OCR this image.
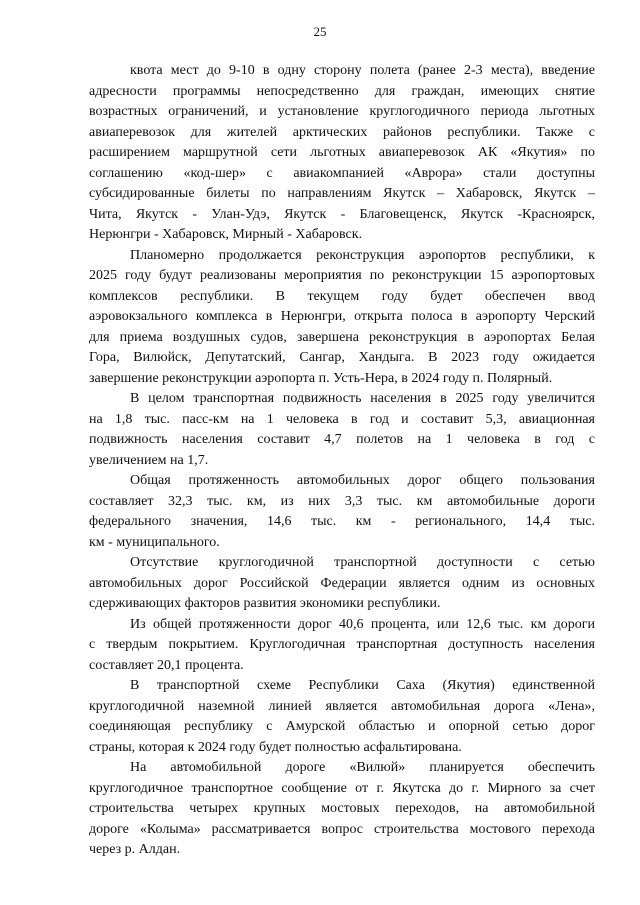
25
квота мест до 9-10 в одну сторону полета (ранее 2-3 места), введение
адресности программы непосредственно для граждан, имеющих снятие
возрастных ограничений, и установление круглогодичного периода льготных
авиаперевозок для жителей арктических районов республики. Также с
расширением маршрутной сети льготных авиаперевозок АК «Якутия» по
соглашению «код-шер» с авиакомпанией «Аврора» стали доступны
субсидированные билеты по направлениям Якутск – Хабаровск, Якутск –
Чита, Якутск - Улан-Удэ, Якутск - Благовещенск, Якутск -Красноярск,
Нерюнгри - Хабаровск, Мирный - Хабаровск.
Планомерно продолжается реконструкция аэропортов республики, к
2025 году будут реализованы мероприятия по реконструкции 15 аэропортовых
комплексов республики. В текущем году будет обеспечен ввод
аэровокзального комплекса в Нерюнгри, открыта полоса в аэропорту Черский
для приема воздушных судов, завершена реконструкция в аэропортах Белая
Гора, Вилюйск, Депутатский, Сангар, Хандыга. В 2023 году ожидается
завершение реконструкции аэропорта п. Усть-Нера, в 2024 году п. Полярный.
В целом транспортная подвижность населения в 2025 году увеличится
на 1,8 тыс. пасс-км на 1 человека в год и составит 5,3, авиационная
подвижность населения составит 4,7 полетов на 1 человека в год с
увеличением на 1,7.
Общая протяженность автомобильных дорог общего пользования
составляет 32,3 тыс. км, из них 3,3 тыс. км автомобильные дороги
федерального значения, 14,6 тыс. км - регионального, 14,4 тыс.
км - муниципального.
Отсутствие круглогодичной транспортной доступности с сетью
автомобильных дорог Российской Федерации является одним из основных
сдерживающих факторов развития экономики республики.
Из общей протяженности дорог 40,6 процента, или 12,6 тыс. км дороги
с твердым покрытием. Круглогодичная транспортная доступность населения
составляет 20,1 процента.
В транспортной схеме Республики Саха (Якутия) единственной
круглогодичной наземной линией является автомобильная дорога «Лена»,
соединяющая республику с Амурской областью и опорной сетью дорог
страны, которая к 2024 году будет полностью асфальтирована.
На автомобильной дороге «Вилюй» планируется обеспечить
круглогодичное транспортное сообщение от г. Якутска до г. Мирного за счет
строительства четырех крупных мостовых переходов, на автомобильной
дороге «Колыма» рассматривается вопрос строительства мостового перехода
через р. Алдан.
